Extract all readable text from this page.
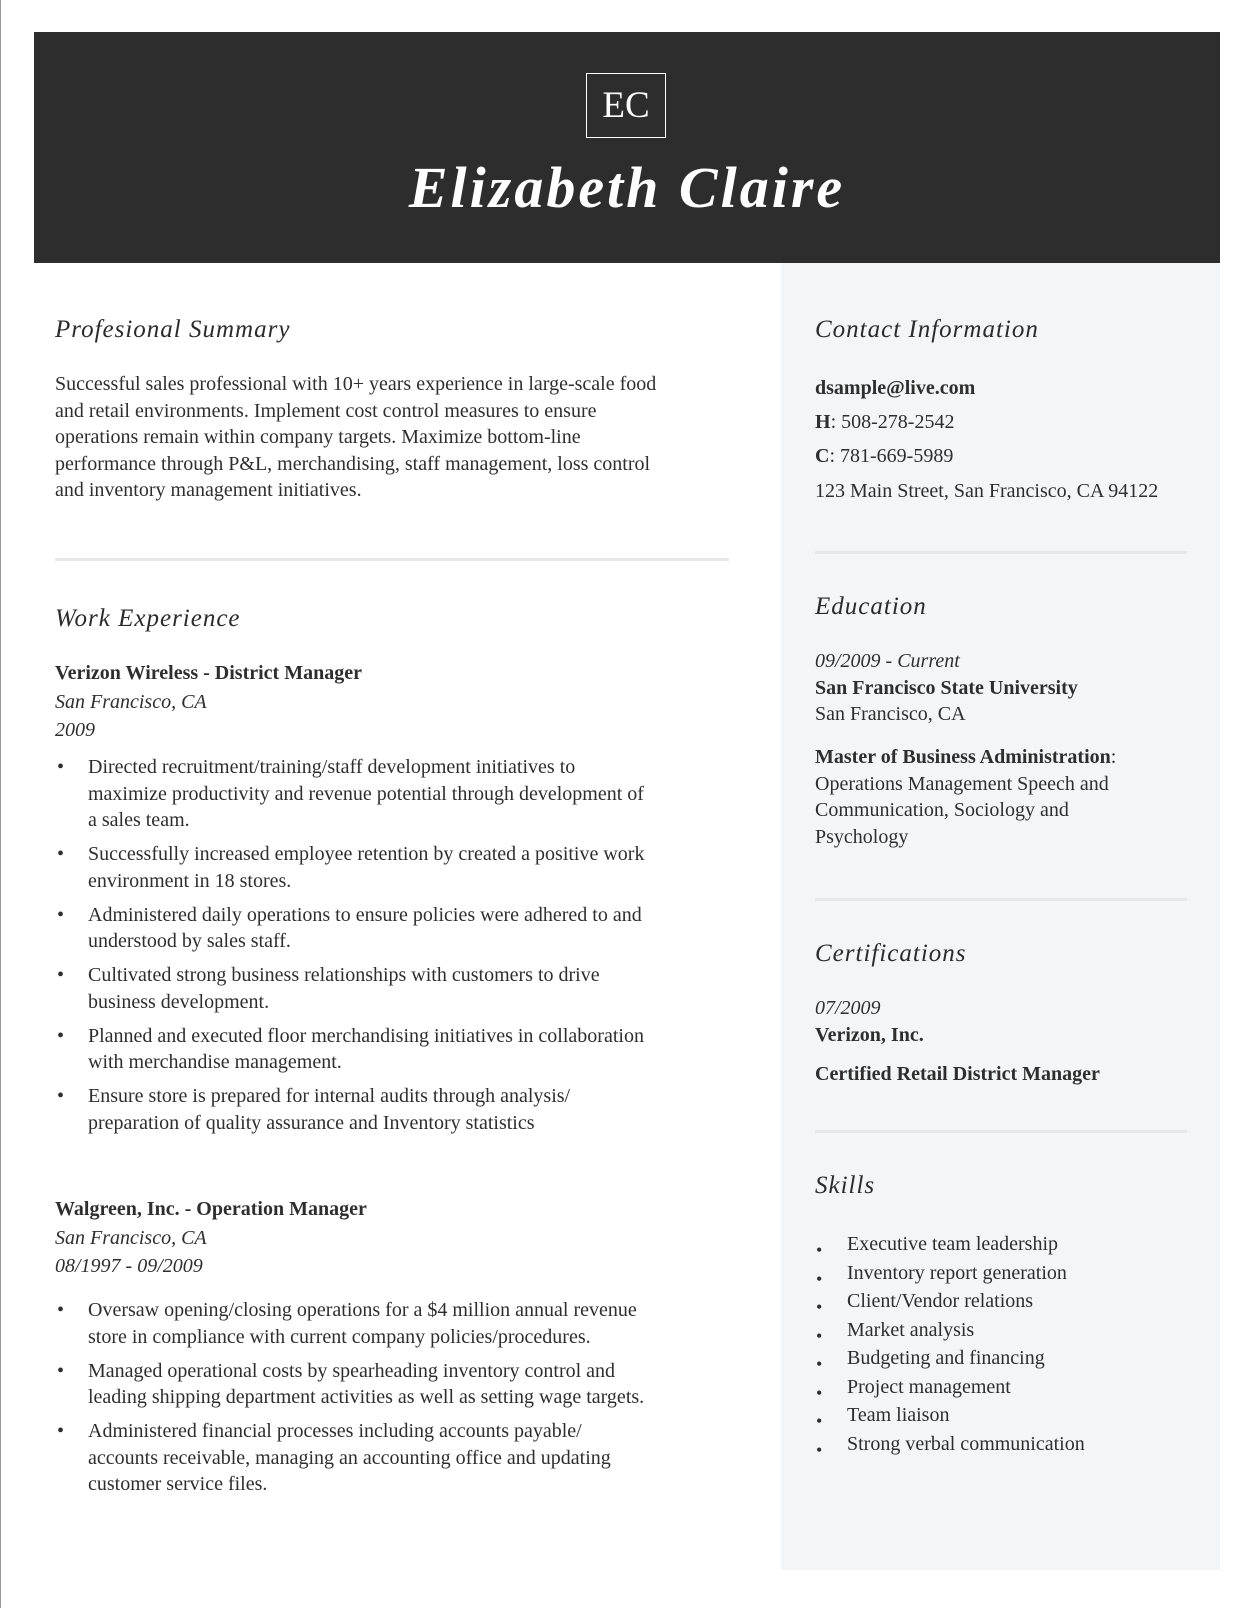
EC
Elizabeth Claire
Profesional Summary
Successful sales professional with 10+ years experience in large-scale food
and retail environments. Implement cost control measures to ensure
operations remain within company targets. Maximize bottom-line
performance through P&L, merchandising, staff management, loss control
and inventory management initiatives.
Work Experience
Verizon Wireless - District Manager
San Francisco, CA
2009
• Directed recruitment/training/staff development initiatives to
maximize productivity and revenue potential through development of
a sales team.
• Successfully increased employee retention by created a positive work
environment in 18 stores.
• Administered daily operations to ensure policies were adhered to and
understood by sales staff.
• Cultivated strong business relationships with customers to drive
business development.
• Planned and executed floor merchandising initiatives in collaboration
with merchandise management.
• Ensure store is prepared for internal audits through analysis/
preparation of quality assurance and Inventory statistics
Walgreen, Inc. - Operation Manager
San Francisco, CA
08/1997 - 09/2009
• Oversaw opening/closing operations for a $4 million annual revenue
store in compliance with current company policies/procedures.
• Managed operational costs by spearheading inventory control and
leading shipping department activities as well as setting wage targets.
• Administered financial processes including accounts payable/
accounts receivable, managing an accounting office and updating
customer service files.
Contact Information
dsample@live.com
H: 508-278-2542
C: 781-669-5989
123 Main Street, San Francisco, CA 94122
Education
09/2009 - Current
San Francisco State University
San Francisco, CA
Master of Business Administration:
Operations Management Speech and
Communication, Sociology and
Psychology
Certifications
07/2009
Verizon, Inc.
Certified Retail District Manager
Skills
• Executive team leadership
• Inventory report generation
• Client/Vendor relations
• Market analysis
• Budgeting and financing
• Project management
• Team liaison
• Strong verbal communication
